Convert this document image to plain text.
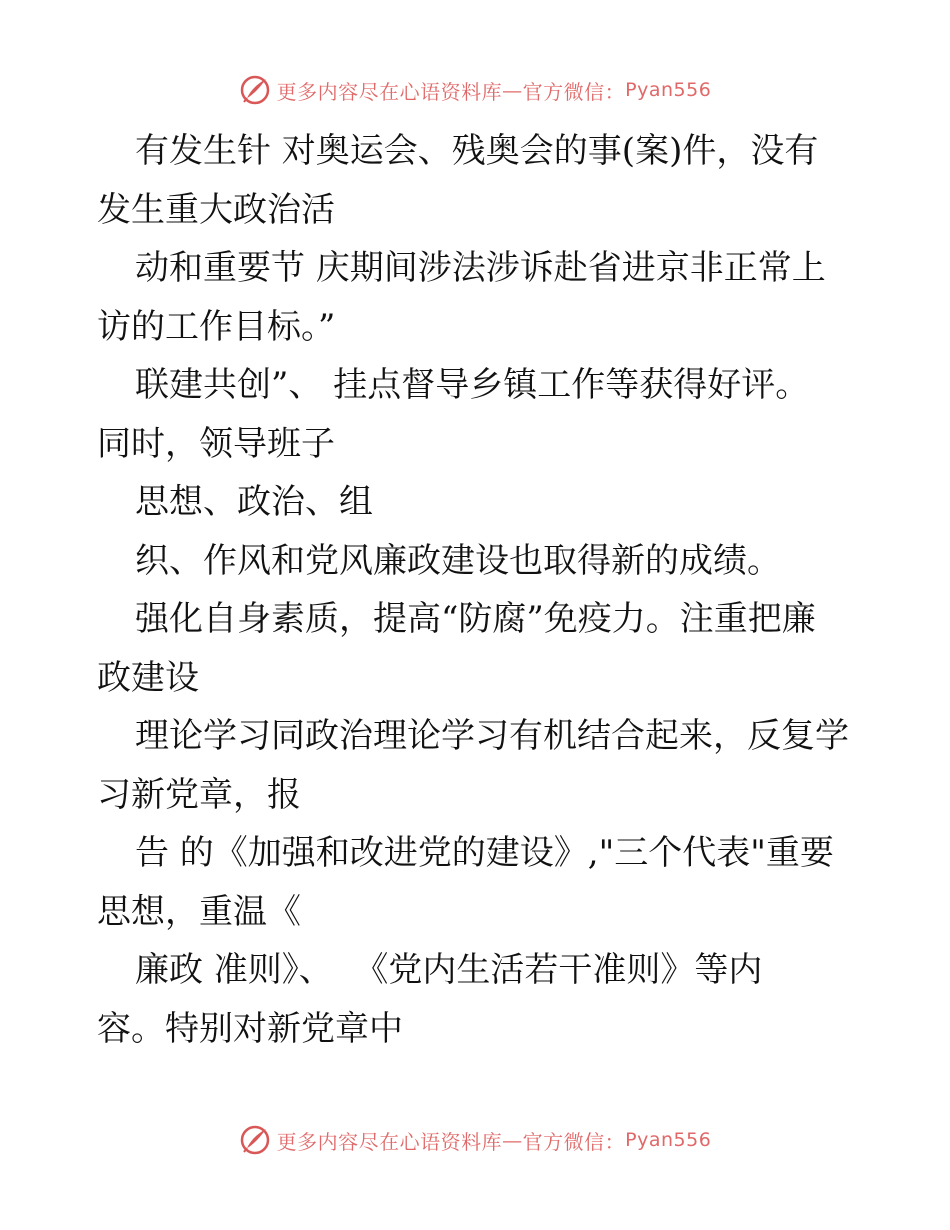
更多内容尽在心语资料库 — 官方微信： Pyan556
有发生针 对奥运会、残奥会的事(案)件，没有
发生重大政治活
动和重要节 庆期间涉法涉诉赴省进京非正常上
访的工作目标。”
联建共创”、 挂点督导乡镇工作等获得好评。
同时，领导班子
思想、政治、组
织、作风和党风廉政建设也取得新的成绩。
强化自身素质，提高“防腐”免疫力。注重把廉
政建设
理论学习同政治理论学习有机结合起来，反复学
习新党章，报
告 的《加强和改进党的建设》,"三个代表"重要
思想，重温《
廉政 准则》、  《党内生活若干准则》等内
容。特别对新党章中
更多内容尽在心语资料库 — 官方微信： Pyan556
